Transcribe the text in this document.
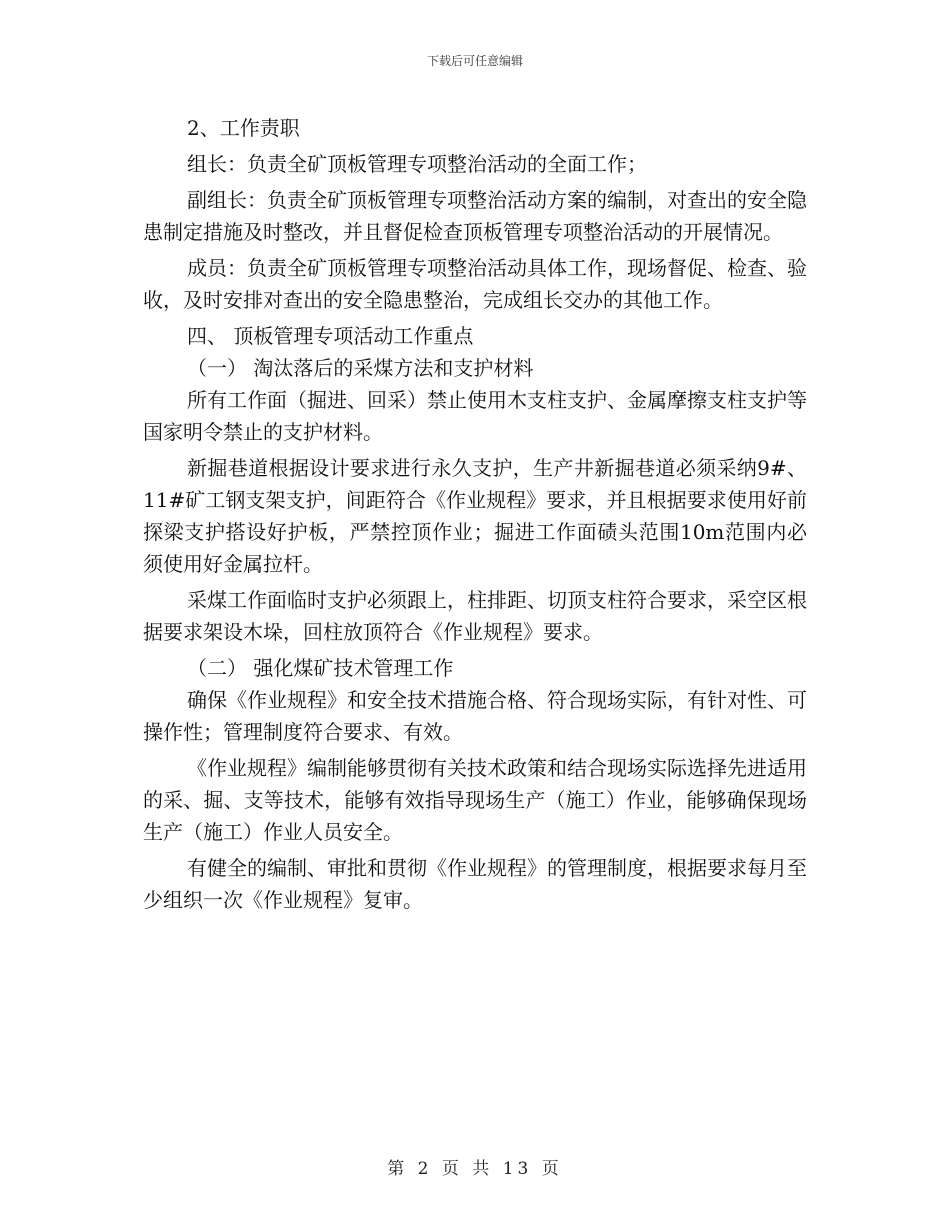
下载后可任意编辑

2、工作责职

组长：负责全矿顶板管理专项整治活动的全面工作；

副组长：负责全矿顶板管理专项整治活动方案的编制，对查出的安全隐患制定措施及时整改，并且督促检查顶板管理专项整治活动的开展情况。

成员：负责全矿顶板管理专项整治活动具体工作，现场督促、检查、验收，及时安排对查出的安全隐患整治，完成组长交办的其他工作。

四、 顶板管理专项活动工作重点

（一） 淘汰落后的采煤方法和支护材料

所有工作面（掘进、回采）禁止使用木支柱支护、金属摩擦支柱支护等国家明令禁止的支护材料。

新掘巷道根据设计要求进行永久支护，生产井新掘巷道必须采纳9#、11#矿工钢支架支护，间距符合《作业规程》要求，并且根据要求使用好前探梁支护搭设好护板，严禁控顶作业；掘进工作面碛头范围10m范围内必须使用好金属拉杆。

采煤工作面临时支护必须跟上，柱排距、切顶支柱符合要求，采空区根据要求架设木垛，回柱放顶符合《作业规程》要求。

（二） 强化煤矿技术管理工作

确保《作业规程》和安全技术措施合格、符合现场实际，有针对性、可操作性；管理制度符合要求、有效。

《作业规程》编制能够贯彻有关技术政策和结合现场实际选择先进适用的采、掘、支等技术，能够有效指导现场生产（施工）作业，能够确保现场生产（施工）作业人员安全。

有健全的编制、审批和贯彻《作业规程》的管理制度，根据要求每月至少组织一次《作业规程》复审。

第 2 页 共 13 页
